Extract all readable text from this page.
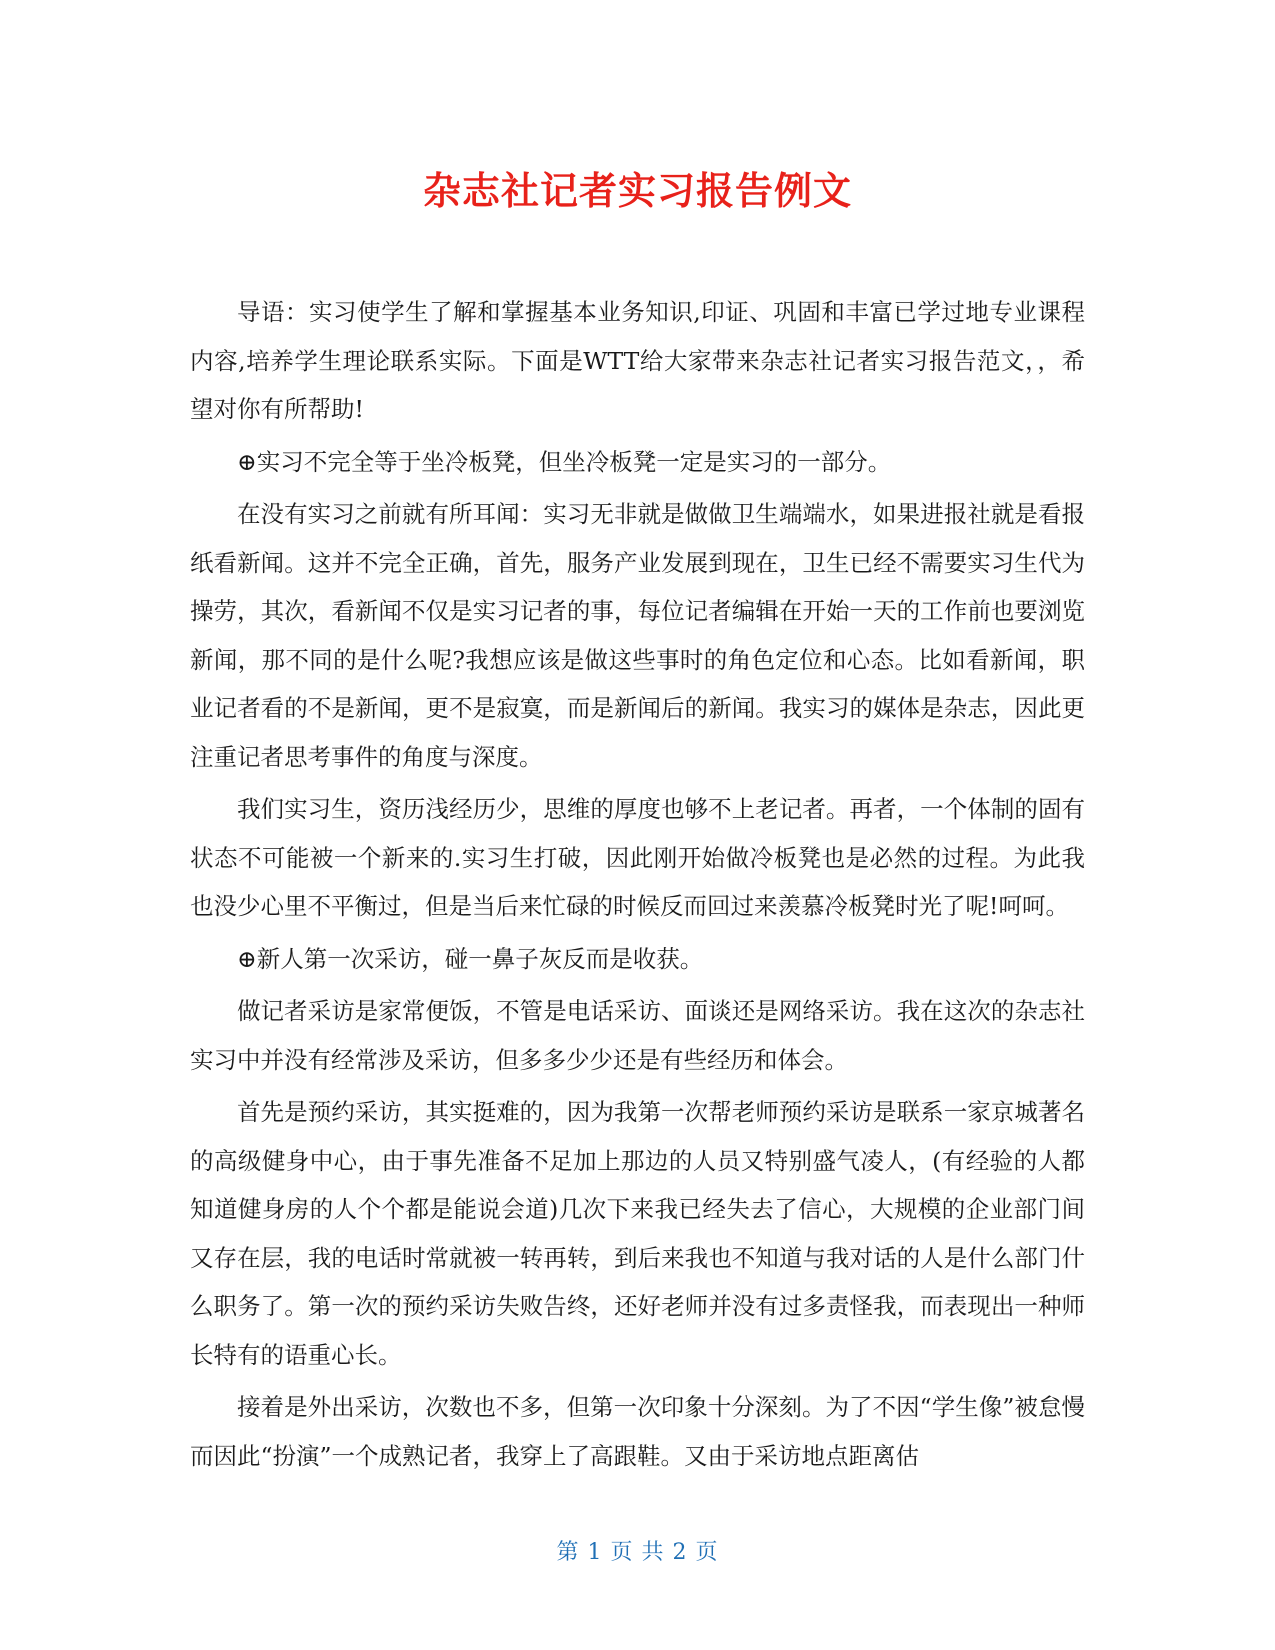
杂志社记者实习报告例文

导语：实习使学生了解和掌握基本业务知识,印证、巩固和丰富已学过地专业课程内容,培养学生理论联系实际。下面是WTT给大家带来杂志社记者实习报告范文，，希望对你有所帮助!

⊕实习不完全等于坐冷板凳，但坐冷板凳一定是实习的一部分。

在没有实习之前就有所耳闻：实习无非就是做做卫生端端水，如果进报社就是看报纸看新闻。这并不完全正确，首先，服务产业发展到现在，卫生已经不需要实习生代为操劳，其次，看新闻不仅是实习记者的事，每位记者编辑在开始一天的工作前也要浏览新闻，那不同的是什么呢?我想应该是做这些事时的角色定位和心态。比如看新闻，职业记者看的不是新闻，更不是寂寞，而是新闻后的新闻。我实习的媒体是杂志，因此更注重记者思考事件的角度与深度。

我们实习生，资历浅经历少，思维的厚度也够不上老记者。再者，一个体制的固有状态不可能被一个新来的.实习生打破，因此刚开始做冷板凳也是必然的过程。为此我也没少心里不平衡过，但是当后来忙碌的时候反而回过来羡慕冷板凳时光了呢!呵呵。

⊕新人第一次采访，碰一鼻子灰反而是收获。

做记者采访是家常便饭，不管是电话采访、面谈还是网络采访。我在这次的杂志社实习中并没有经常涉及采访，但多多少少还是有些经历和体会。

首先是预约采访，其实挺难的，因为我第一次帮老师预约采访是联系一家京城著名的高级健身中心，由于事先准备不足加上那边的人员又特别盛气凌人，(有经验的人都知道健身房的人个个都是能说会道)几次下来我已经失去了信心，大规模的企业部门间又存在层，我的电话时常就被一转再转，到后来我也不知道与我对话的人是什么部门什么职务了。第一次的预约采访失败告终，还好老师并没有过多责怪我，而表现出一种师长特有的语重心长。

接着是外出采访，次数也不多，但第一次印象十分深刻。为了不因“学生像”被怠慢而因此“扮演”一个成熟记者，我穿上了高跟鞋。又由于采访地点距离估

第 1 页 共 2 页
